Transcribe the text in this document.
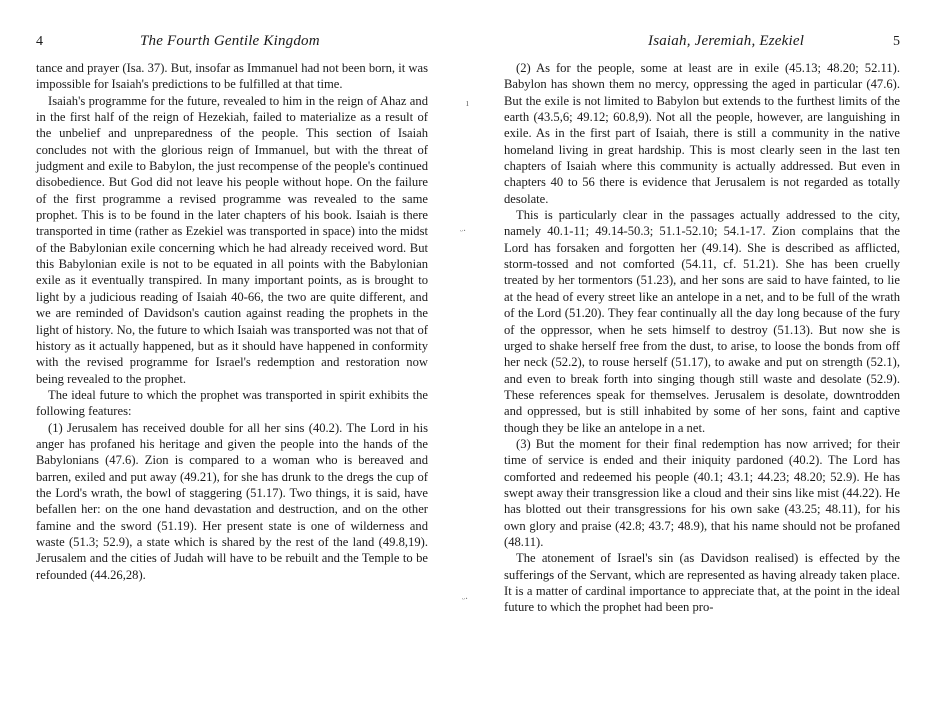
4	The Fourth Gentile Kingdom

tance and prayer (Isa. 37). But, insofar as Immanuel had not been born, it was impossible for Isaiah's predictions to be fulfilled at that time.

Isaiah's programme for the future, revealed to him in the reign of Ahaz and in the first half of the reign of Hezekiah, failed to materialize as a result of the unbelief and unpreparedness of the people. This section of Isaiah concludes not with the glorious reign of Immanuel, but with the threat of judgment and exile to Babylon, the just recompense of the people's continued disobedience. But God did not leave his people without hope. On the failure of the first programme a revised programme was revealed to the same prophet. This is to be found in the later chapters of his book. Isaiah is there transported in time (rather as Ezekiel was transported in space) into the midst of the Babylonian exile concerning which he had already received word. But this Babylonian exile is not to be equated in all points with the Babylonian exile as it eventually transpired. In many important points, as is brought to light by a judicious reading of Isaiah 40-66, the two are quite different, and we are reminded of Davidson's caution against reading the prophets in the light of history. No, the future to which Isaiah was transported was not that of history as it actually happened, but as it should have happened in conformity with the revised programme for Israel's redemption and restoration now being revealed to the prophet.

The ideal future to which the prophet was transported in spirit exhibits the following features:

(1) Jerusalem has received double for all her sins (40.2). The Lord in his anger has profaned his heritage and given the people into the hands of the Babylonians (47.6). Zion is compared to a woman who is bereaved and barren, exiled and put away (49.21), for she has drunk to the dregs the cup of the Lord's wrath, the bowl of staggering (51.17). Two things, it is said, have befallen her: on the one hand devastation and destruction, and on the other famine and the sword (51.19). Her present state is one of wilderness and waste (51.3; 52.9), a state which is shared by the rest of the land (49.8,19). Jerusalem and the cities of Judah will have to be rebuilt and the Temple to be refounded (44.26,28).

ı
ᵕ·
ᵕ·
Isaiah, Jeremiah, Ezekiel	5

(2) As for the people, some at least are in exile (45.13; 48.20; 52.11). Babylon has shown them no mercy, oppressing the aged in particular (47.6). But the exile is not limited to Babylon but extends to the furthest limits of the earth (43.5,6; 49.12; 60.8,9). Not all the people, however, are languishing in exile. As in the first part of Isaiah, there is still a community in the native homeland living in great hardship. This is most clearly seen in the last ten chapters of Isaiah where this community is actually addressed. But even in chapters 40 to 56 there is evidence that Jerusalem is not regarded as totally desolate.

This is particularly clear in the passages actually addressed to the city, namely 40.1-11; 49.14-50.3; 51.1-52.10; 54.1-17. Zion complains that the Lord has forsaken and forgotten her (49.14). She is described as afflicted, storm-tossed and not comforted (54.11, cf. 51.21). She has been cruelly treated by her tormentors (51.23), and her sons are said to have fainted, to lie at the head of every street like an antelope in a net, and to be full of the wrath of the Lord (51.20). They fear continually all the day long because of the fury of the oppressor, when he sets himself to destroy (51.13). But now she is urged to shake herself free from the dust, to arise, to loose the bonds from off her neck (52.2), to rouse herself (51.17), to awake and put on strength (52.1), and even to break forth into singing though still waste and desolate (52.9). These references speak for themselves. Jerusalem is desolate, downtrodden and oppressed, but is still inhabited by some of her sons, faint and captive though they be like an antelope in a net.

(3) But the moment for their final redemption has now arrived; for their time of service is ended and their iniquity pardoned (40.2). The Lord has comforted and redeemed his people (40.1; 43.1; 44.23; 48.20; 52.9). He has swept away their transgression like a cloud and their sins like mist (44.22). He has blotted out their transgressions for his own sake (43.25; 48.11), for his own glory and praise (42.8; 43.7; 48.9), that his name should not be profaned (48.11).

The atonement of Israel's sin (as Davidson realised) is effected by the sufferings of the Servant, which are represented as having already taken place. It is a matter of cardinal importance to appreciate that, at the point in the ideal future to which the prophet had been pro-
